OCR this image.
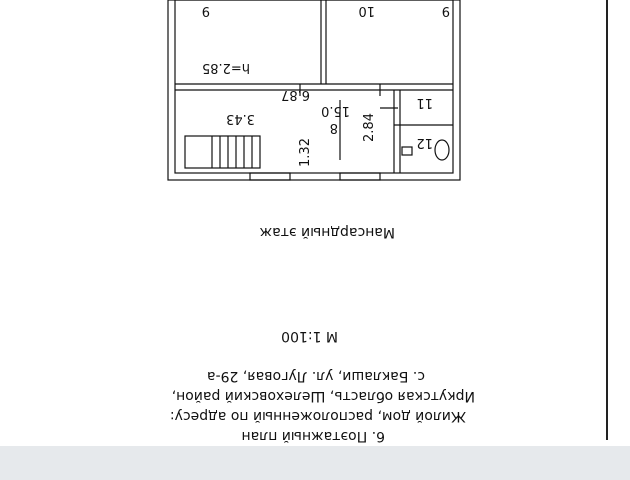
9	10	9
h=2.85
6.87
15.0
8 2.84
11
3.43
1.32	12
Мансардный этаж
М 1:100
с. Баклаши, ул. Луговая, 29-а
Иркутская область, Шелеховский район,
Жилой дом, расположенный по адресу:
6. Поэтажный план
